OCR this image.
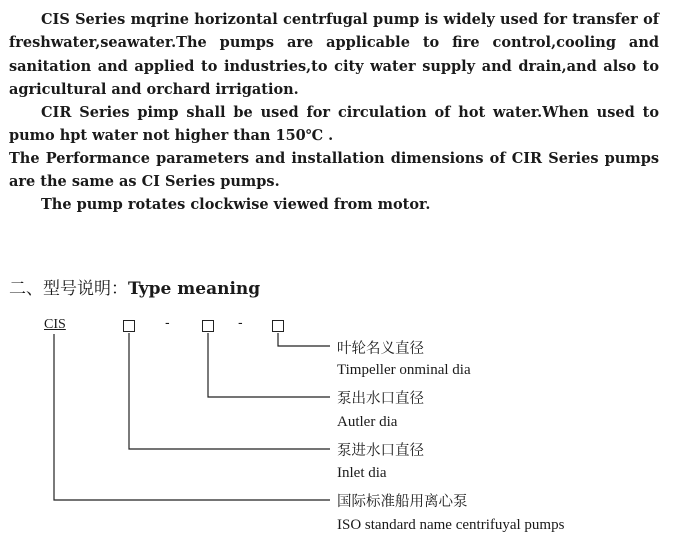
CIS Series mqrine horizontal centrfugal pump is widely used for transfer of freshwater,seawater.The pumps are applicable to fire control,cooling and sanitation and applied to industries,to city water supply and drain,and also to agricultural and orchard irrigation.

CIR Series pimp shall be used for circulation of hot water.When used to pumo hpt water not higher than 150℃ .

The Performance parameters and installation dimensions of CIR Series pumps are the same as CI Series pumps.

The pump rotates clockwise viewed from motor.

二、型号说明：Type meaning
CIS	-	-
叶轮名义直径
Timpeller onminal dia
泵出水口直径
Autler dia
泵进水口直径
Inlet dia
国际标准船用离心泵
ISO standard name centrifuyal pumps
